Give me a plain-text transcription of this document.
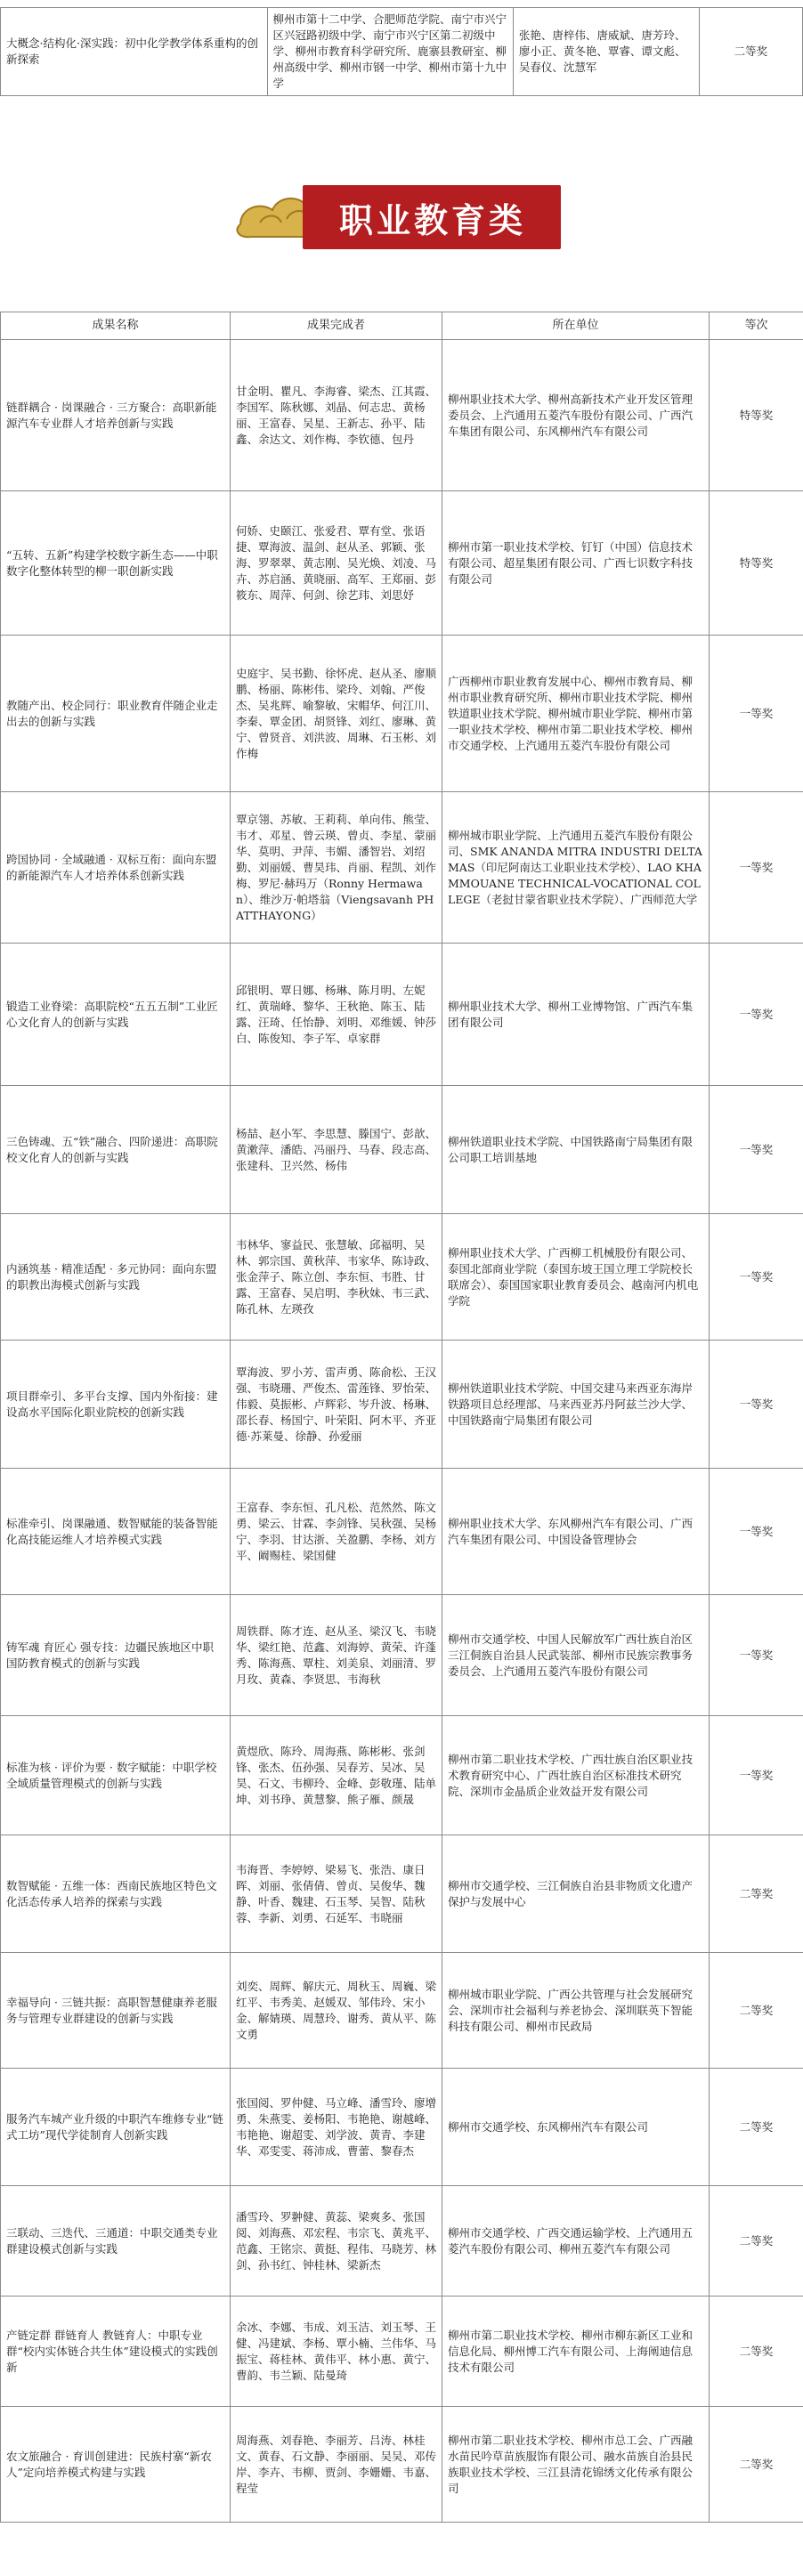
大概念·结构化·深实践：初中化学教学体系重构的创新探索	柳州市第十二中学、合肥师范学院、南宁市兴宁区兴冠路初级中学、南宁市兴宁区第二初级中学、柳州市教育科学研究所、鹿寨县教研室、柳州高级中学、柳州市钢一中学、柳州市第十九中学	张艳、唐梓伟、唐威斌、唐芳玲、廖小正、黄冬艳、覃睿、谭文彪、吴春仪、沈慧军	二等奖
职业教育类
成果名称	成果完成者	所在单位	等次
链群耦合 · 岗课融合 · 三方聚合：高职新能源汽车专业群人才培养创新与实践	甘金明、瞿凡、李海睿、梁杰、江其霞、李国军、陈秋娜、刘晶、何志忠、黄杨丽、王富春、吴星、王新志、孙平、陆鑫、余达文、刘作梅、李钦德、包丹	柳州职业技术大学、柳州高新技术产业开发区管理委员会、上汽通用五菱汽车股份有限公司、广西汽车集团有限公司、东风柳州汽车有限公司	特等奖
“五转、五新”构建学校数字新生态——中职数字化整体转型的柳一职创新实践	何娇、史颐江、张爱君、覃有堂、张语捷、覃海波、温剑、赵从圣、郭颖、张海、罗翠翠、黄志刚、吴光焕、刘凌、马卉、苏启涵、黄晓丽、高军、王郑丽、彭筱东、周萍、何剑、徐艺玮、刘思妤	柳州市第一职业技术学校、钉钉（中国）信息技术有限公司、超星集团有限公司、广西七识数字科技有限公司	特等奖
教随产出、校企同行：职业教育伴随企业走出去的创新与实践	史庭宇、吴书勤、徐怀虎、赵从圣、廖顺鹏、杨丽、陈彬伟、梁玲、刘翰、严俊杰、吴兆辉、喻黎敏、宋帽华、何江川、李秦、覃金团、胡贤锋、刘红、廖琳、黄宁、曾贤音、刘洪波、周琳、石玉彬、刘作梅	广西柳州市职业教育发展中心、柳州市教育局、柳州市职业教育研究所、柳州市职业技术学院、柳州铁道职业技术学院、柳州城市职业学院、柳州市第一职业技术学校、柳州市第二职业技术学校、柳州市交通学校、上汽通用五菱汽车股份有限公司	一等奖
跨国协同 · 全域融通 · 双标互衔：面向东盟的新能源汽车人才培养体系创新实践	覃京翎、苏敏、王莉莉、单向伟、熊莹、韦才、邓星、曾云瑛、曾贞、李星、蒙丽华、莫明、尹萍、韦媚、潘智岩、刘绍勤、刘丽媛、曹昊玮、肖丽、程凯、刘作梅、罗尼·赫玛万（Ronny Hermawan）、维沙万·帕塔翁（Viengsavanh PHATTHAYONG）	柳州城市职业学院、上汽通用五菱汽车股份有限公司、SMK ANANDA MITRA INDUSTRI DELTAMAS（印尼阿南达工业职业技术学校）、LAO KHAMMOUANE TECHNICAL-VOCATIONAL COLLEGE（老挝甘蒙省职业技术学院）、广西师范大学	一等奖
锻造工业脊梁：高职院校“五五五制”工业匠心文化育人的创新与实践	邱银明、覃日娜、杨琳、陈月明、左妮红、黄瑞峰、黎华、王秋艳、陈玉、陆露、汪琦、任怡静、刘明、邓维媛、钟莎白、陈俊知、李子军、卓家群	柳州职业技术大学、柳州工业博物馆、广西汽车集团有限公司	一等奖
三色铸魂、五“铁”融合、四阶递进：高职院校文化育人的创新与实践	杨喆、赵小军、李思慧、滕国宁、彭歆、黄漱萍、潘皓、冯丽丹、马春、段志高、张建科、卫兴然、杨伟	柳州铁道职业技术学院、中国铁路南宁局集团有限公司职工培训基地	一等奖
内涵筑基 · 精准适配 · 多元协同：面向东盟的职教出海模式创新与实践	韦林华、寥益民、张慧敏、邱福明、吴林、郭宗国、黄秋萍、韦家华、陈诗政、张金萍子、陈立创、李东恒、韦胜、甘露、王富春、吴启明、李秋妹、韦三武、陈孔林、左瑛孜	柳州职业技术大学、广西柳工机械股份有限公司、泰国北部商业学院（泰国东坡王国立理工学院校长联席会）、泰国国家职业教育委员会、越南河内机电学院	一等奖
项目群牵引、多平台支撑、国内外衔接：建设高水平国际化职业院校的创新实践	覃海波、罗小芳、雷声勇、陈俞松、王汉强、韦晓珊、严俊杰、雷莲锋、罗怡荣、伟毅、莫振彬、卢辉彩、岑升波、杨琳、邵长春、杨国宁、叶荣阳、阿木平、齐亚德·苏莱曼、徐静、孙爱丽	柳州铁道职业技术学院、中国交建马来西亚东海岸铁路项目总经理部、马来西亚苏丹阿兹兰沙大学、中国铁路南宁局集团有限公司	一等奖
标准牵引、岗课融通、数智赋能的装备智能化高技能运维人才培养模式实践	王富春、李东恒、孔凡松、范然然、陈文勇、梁云、甘霖、李剑锋、吴秋强、吴杨宁、李羽、甘达浙、关盈鹏、李杨、刘方平、阚赐桂、梁国健	柳州职业技术大学、东风柳州汽车有限公司、广西汽车集团有限公司、中国设备管理协会	一等奖
铸军魂 育匠心 强专技：边疆民族地区中职国防教育模式的创新与实践	周铁群、陈才连、赵从圣、梁汉飞、韦晓华、梁红艳、范鑫、刘海婷、黄荣、许蓬秀、陈海燕、覃柱、刘美泉、刘丽清、罗月玫、黄森、李贤思、韦海秋	柳州市交通学校、中国人民解放军广西壮族自治区三江侗族自治县人民武装部、柳州市民族宗教事务委员会、上汽通用五菱汽车股份有限公司	一等奖
标准为核 · 评价为要 · 数字赋能：中职学校全域质量管理模式的创新与实践	黄煜欣、陈玲、周海燕、陈彬彬、张剑锋、张杰、伍孙强、吴春芳、吴冰、吴昊、石文、韦柳玲、金峰、彭敬瑾、陆单坤、刘书琤、黄慧黎、熊子雁、颜晟	柳州市第二职业技术学校、广西壮族自治区职业技术教育研究中心、广西壮族自治区标准技术研究院、深圳市金晶质企业效益开发有限公司	一等奖
数智赋能 · 五维一体：西南民族地区特色文化活态传承人培养的探索与实践	韦海晋、李婷婷、梁易飞、张浩、康日晖、刘丽、张倩倩、曾贞、吴俊华、魏静、叶香、魏建、石玉琴、吴智、陆秋蓉、李新、刘勇、石延军、韦晓丽	柳州市交通学校、三江侗族自治县非物质文化遗产保护与发展中心	二等奖
幸福导向 · 三链共振：高职智慧健康养老服务与管理专业群建设的创新与实践	刘奕、周辉、解庆元、周秋玉、周巍、梁红平、韦秀美、赵媛双、邹伟玲、宋小金、解婧瑛、周慧玲、谢秀、黄从平、陈文勇	柳州城市职业学院、广西公共管理与社会发展研究会、深圳市社会福利与养老协会、深圳联英下智能科技有限公司、柳州市民政局	二等奖
服务汽车城产业升级的中职汽车维修专业“链式工坊”现代学徒制育人创新实践	张国阅、罗仲健、马立峰、潘雪玲、廖增勇、朱燕雯、姜杨阳、韦艳艳、谢越峰、韦艳艳、谢超雯、刘学波、黄青、李建华、邓雯雯、蒋沛成、曹蕾、黎春杰	柳州市交通学校、东风柳州汽车有限公司	二等奖
三联动、三迭代、三通道：中职交通类专业群建设模式创新与实践	潘雪玲、罗翀健、黄蕊、梁爽多、张国阅、刘海燕、邓宏程、韦宗飞、黄兆平、范鑫、王铭宗、黄挺、程伟、马晓芳、林剑、孙书红、钟桂林、梁新杰	柳州市交通学校、广西交通运输学校、上汽通用五菱汽车股份有限公司、柳州五菱汽车有限公司	二等奖
产链定群 群链育人 教链育人：中职专业群“校内实体链合共生体”建设模式的实践创新	余冰、李娜、韦成、刘玉洁、刘玉琴、王健、冯建斌、李杨、覃小楠、兰伟华、马振宝、蒋桂林、黄伟平、林小惠、黄宁、曹韵、韦兰颖、陆曼琦	柳州市第二职业技术学校、柳州市柳东新区工业和信息化局、柳州博工汽车有限公司、上海阐迪信息技术有限公司	二等奖
农文旅融合 · 育训创建进：民族村寨“新农人”定向培养模式构建与实践	周海燕、刘春艳、李丽芳、吕涛、林桂文、黄春、石文静、李丽丽、吴吴、邓传岸、李卉、韦柳、贾剑、李姗姗、韦嘉、程莹	柳州市第二职业技术学校、柳州市总工会、广西融水苗民吟草苗族服饰有限公司、融水苗族自治县民族职业技术学校、三江县清花锦绣文化传承有限公司	二等奖
